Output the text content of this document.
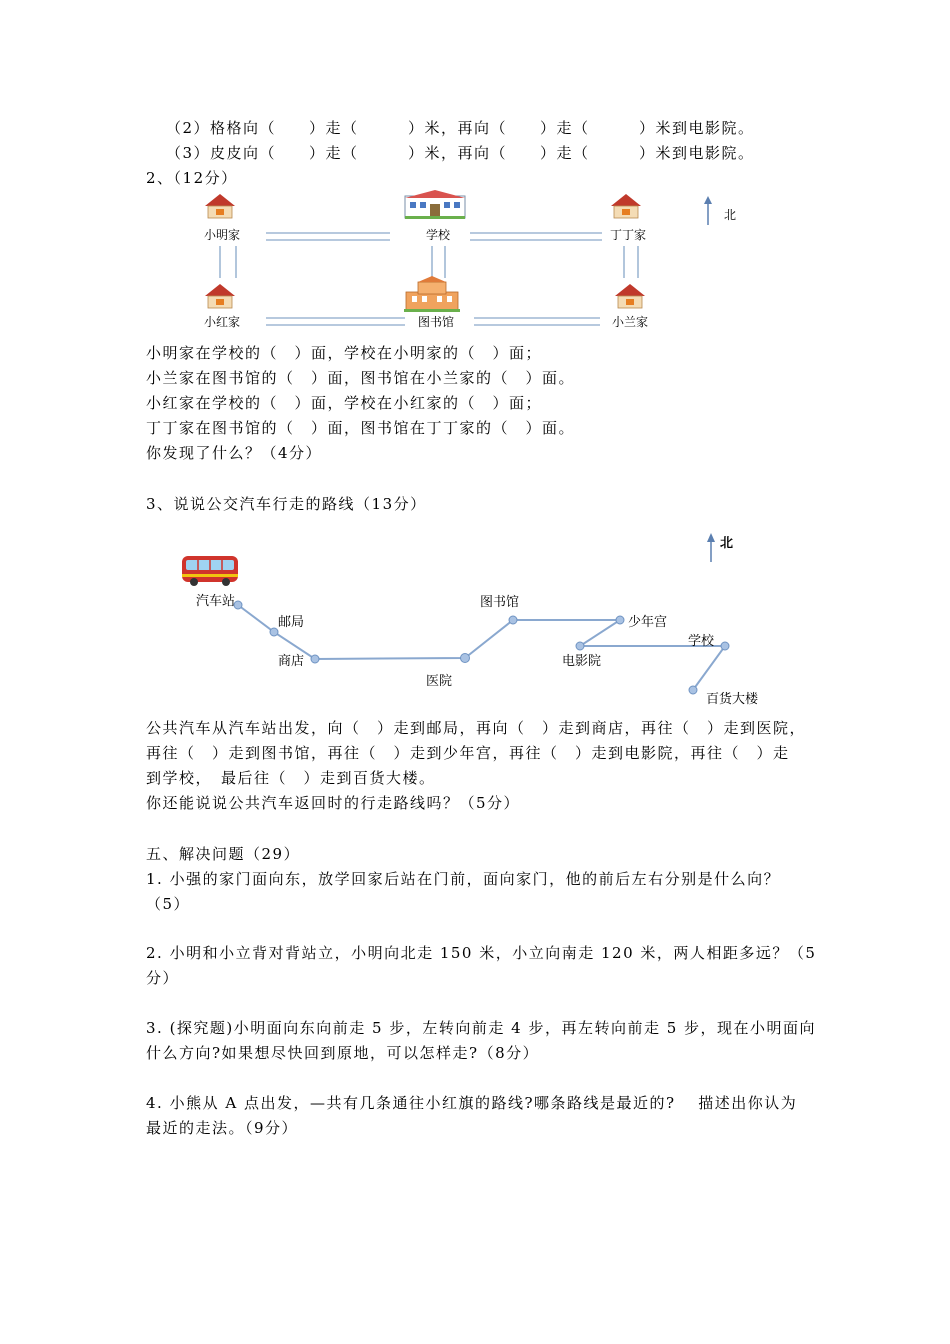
（2）格格向（　　）走（　　　）米，再向（　　）走（　　　）米到电影院。
（3）皮皮向（　　）走（　　　）米，再向（　　）走（　　　）米到电影院。
2、（12分）
小明家	学校	丁丁家
小红家	图书馆	小兰家
北
小明家在学校的（　）面，学校在小明家的（　）面；
小兰家在图书馆的（　）面，图书馆在小兰家的（　）面。
小红家在学校的（　）面，学校在小红家的（　）面；
丁丁家在图书馆的（　）面，图书馆在丁丁家的（　）面。
你发现了什么？（4分）
3、说说公交汽车行走的路线（13分）
北
汽车站
邮局
商店
医院
图书馆
少年宫
电影院
学校
百货大楼
公共汽车从汽车站出发，向（　）走到邮局，再向（　）走到商店，再往（　）走到医院，
再往（　）走到图书馆，再往（　）走到少年宫，再往（　）走到电影院，再往（　）走
到学校，　最后往（　）走到百货大楼。
你还能说说公共汽车返回时的行走路线吗？（5分）
五、解决问题（29）
1. 小强的家门面向东，放学回家后站在门前，面向家门，他的前后左右分别是什么向？
（5）
2. 小明和小立背对背站立，小明向北走 150 米，小立向南走 120 米，两人相距多远？（5
分）
3. (探究题)小明面向东向前走 5 步，左转向前走 4 步，再左转向前走 5 步，现在小明面向
什么方向?如果想尽快回到原地，可以怎样走?（8分）
4. 小熊从 A 点出发，—共有几条通往小红旗的路线?哪条路线是最近的?　 描述出你认为
最近的走法。（9分）
